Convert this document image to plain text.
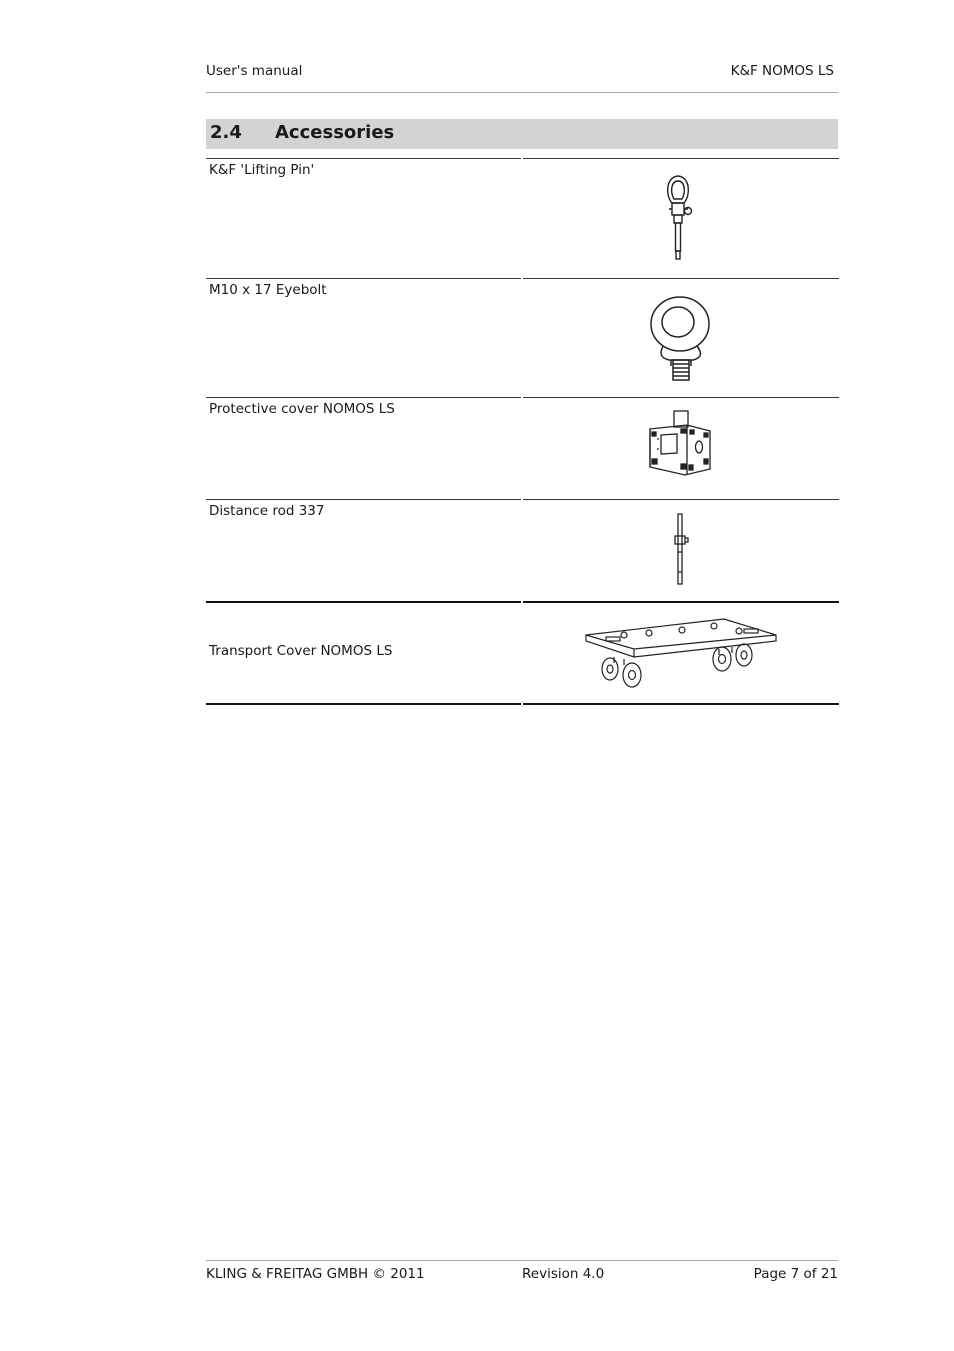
User's manual	K&F NOMOS LS
2.4 Accessories
K&F 'Lifting Pin'
M10 x 17 Eyebolt
Protective cover NOMOS LS
Distance rod 337
Transport Cover NOMOS LS
KLING & FREITAG GMBH © 2011	Revision 4.0	Page 7 of 21
